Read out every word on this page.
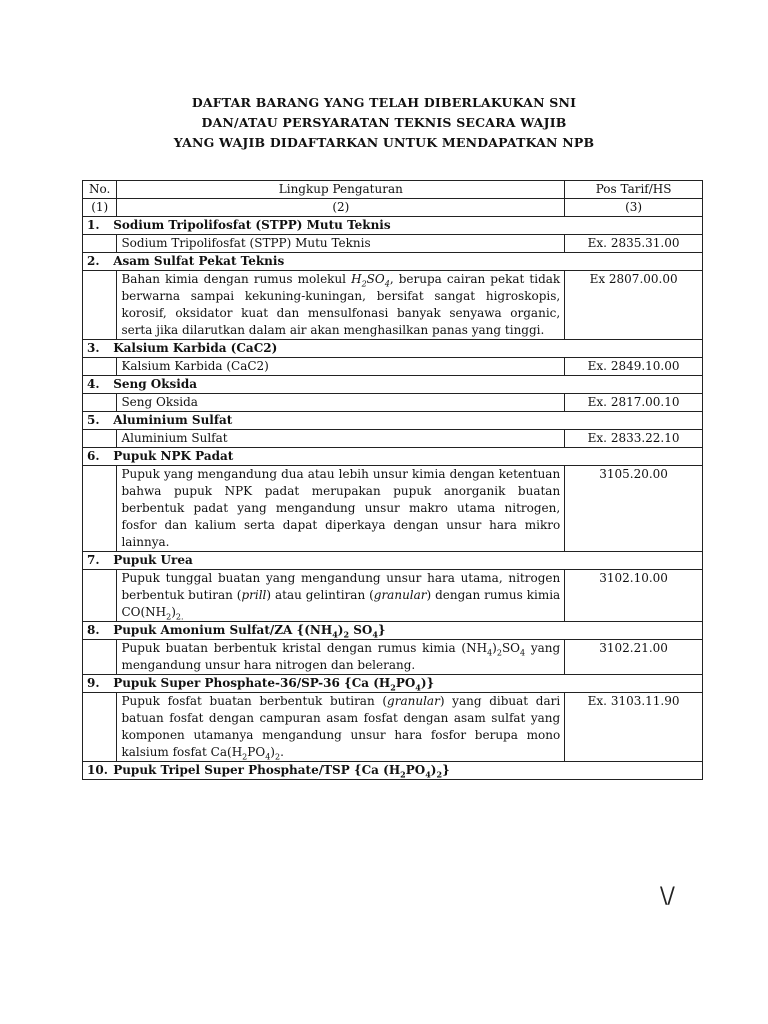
DAFTAR BARANG YANG TELAH DIBERLAKUKAN SNI
DAN/ATAU PERSYARATAN TEKNIS SECARA WAJIB
YANG WAJIB DIDAFTARKAN UNTUK MENDAPATKAN NPB
No.	Lingkup Pengaturan	Pos Tarif/HS
(1)	(2)	(3)
1. Sodium Tripolifosfat (STPP) Mutu Teknis		
	Sodium Tripolifosfat (STPP) Mutu Teknis	Ex. 2835.31.00
2. Asam Sulfat Pekat Teknis		
	Bahan kimia dengan rumus molekul $H_2SO_4$, berupa cairan pekat tidak berwarna sampai kekuning-kuningan, bersifat sangat higroskopis, korosif, oksidator kuat dan mensulfonasi banyak senyawa organic, serta jika dilarutkan dalam air akan menghasilkan panas yang tinggi.	Ex 2807.00.00
3. Kalsium Karbida (CaC2)		
	Kalsium Karbida (CaC2)	Ex. 2849.10.00
4. Seng Oksida		
	Seng Oksida	Ex. 2817.00.10
5. Aluminium Sulfat		
	Aluminium Sulfat	Ex. 2833.22.10
6. Pupuk NPK Padat		
	Pupuk yang mengandung dua atau lebih unsur kimia dengan ketentuan bahwa pupuk NPK padat merupakan pupuk anorganik buatan berbentuk padat yang mengandung unsur makro utama nitrogen, fosfor dan kalium serta dapat diperkaya dengan unsur hara mikro lainnya.	3105.20.00
7. Pupuk Urea		
	Pupuk tunggal buatan yang mengandung unsur hara utama, nitrogen berbentuk butiran (prill) atau gelintiran (granular) dengan rumus kimia $CO(NH_2)_{2.}$	3102.10.00
8. Pupuk Amonium Sulfat/ZA {$(NH_4)_2$ $SO_4$}		
	Pupuk buatan berbentuk kristal dengan rumus kimia $(NH_4)_2SO_4$ yang mengandung unsur hara nitrogen dan belerang.	3102.21.00
9. Pupuk Super Phosphate-36/SP-36 {Ca $(H_2PO_4)$}		
	Pupuk fosfat buatan berbentuk butiran (granular) yang dibuat dari batuan fosfat dengan campuran asam fosfat dengan asam sulfat yang komponen utamanya mengandung unsur hara fosfor berupa mono kalsium fosfat $Ca(H_2PO_4)_2$.	Ex. 3103.11.90
10. Pupuk Tripel Super Phosphate/TSP {Ca $(H_2PO_4)_2$}		
\/
